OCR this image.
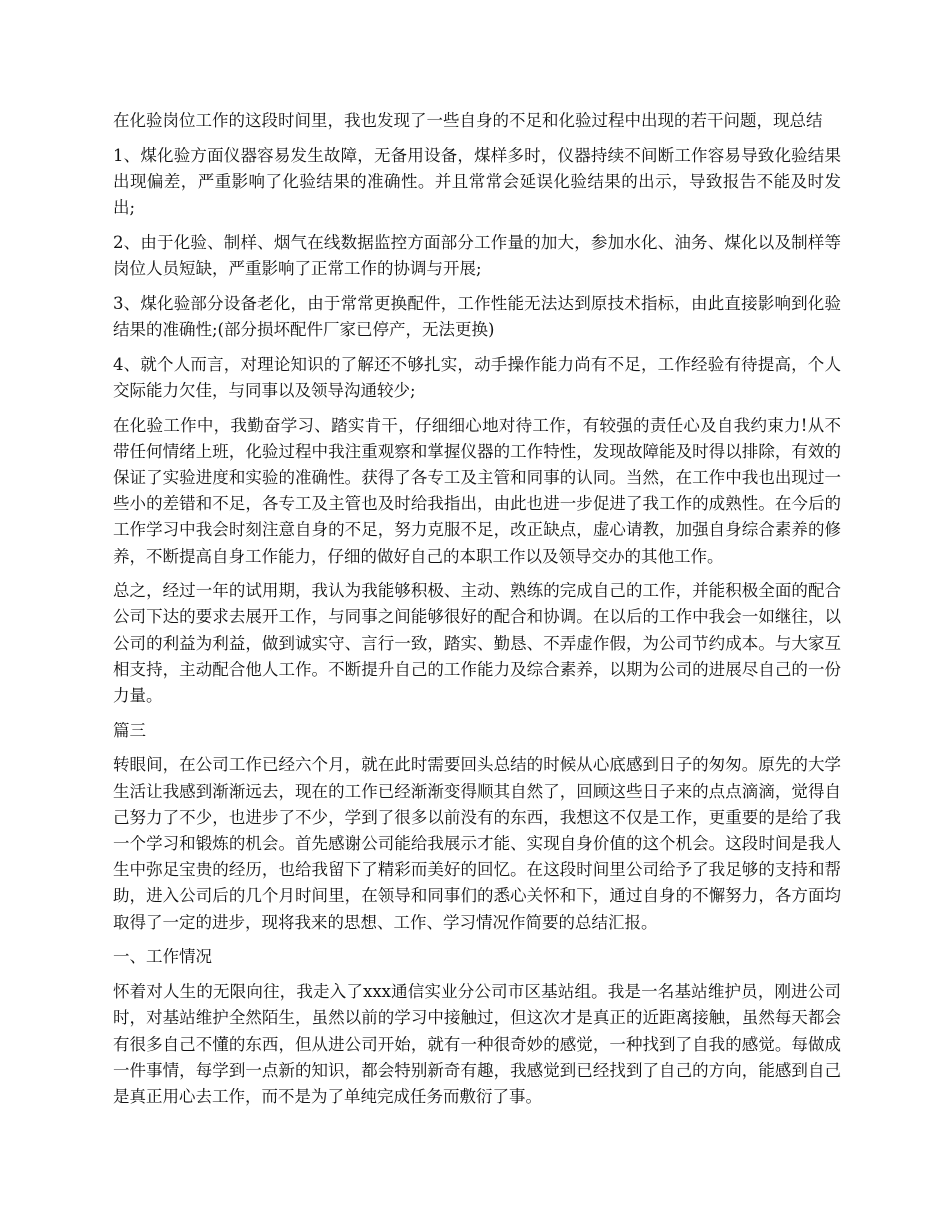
在化验岗位工作的这段时间里，我也发现了一些自身的不足和化验过程中出现的若干问题，现总结

1、煤化验方面仪器容易发生故障，无备用设备，煤样多时，仪器持续不间断工作容易导致化验结果出现偏差，严重影响了化验结果的准确性。并且常常会延误化验结果的出示，导致报告不能及时发出;

2、由于化验、制样、烟气在线数据监控方面部分工作量的加大，参加水化、油务、煤化以及制样等岗位人员短缺，严重影响了正常工作的协调与开展;

3、煤化验部分设备老化，由于常常更换配件，工作性能无法达到原技术指标，由此直接影响到化验结果的准确性;(部分损坏配件厂家已停产，无法更换)

4、就个人而言，对理论知识的了解还不够扎实，动手操作能力尚有不足，工作经验有待提高，个人交际能力欠佳，与同事以及领导沟通较少;

在化验工作中，我勤奋学习、踏实肯干，仔细细心地对待工作，有较强的责任心及自我约束力!从不带任何情绪上班，化验过程中我注重观察和掌握仪器的工作特性，发现故障能及时得以排除，有效的保证了实验进度和实验的准确性。获得了各专工及主管和同事的认同。当然，在工作中我也出现过一些小的差错和不足，各专工及主管也及时给我指出，由此也进一步促进了我工作的成熟性。在今后的工作学习中我会时刻注意自身的不足，努力克服不足，改正缺点，虚心请教，加强自身综合素养的修养，不断提高自身工作能力，仔细的做好自己的本职工作以及领导交办的其他工作。

总之，经过一年的试用期，我认为我能够积极、主动、熟练的完成自己的工作，并能积极全面的配合公司下达的要求去展开工作，与同事之间能够很好的配合和协调。在以后的工作中我会一如继往，以公司的利益为利益，做到诚实守、言行一致，踏实、勤恳、不弄虚作假，为公司节约成本。与大家互相支持，主动配合他人工作。不断提升自己的工作能力及综合素养，以期为公司的进展尽自己的一份力量。

篇三

转眼间，在公司工作已经六个月，就在此时需要回头总结的时候从心底感到日子的匆匆。原先的大学生活让我感到渐渐远去，现在的工作已经渐渐变得顺其自然了，回顾这些日子来的点点滴滴，觉得自己努力了不少，也进步了不少，学到了很多以前没有的东西，我想这不仅是工作，更重要的是给了我一个学习和锻炼的机会。首先感谢公司能给我展示才能、实现自身价值的这个机会。这段时间是我人生中弥足宝贵的经历，也给我留下了精彩而美好的回忆。在这段时间里公司给予了我足够的支持和帮助，进入公司后的几个月时间里，在领导和同事们的悉心关怀和下，通过自身的不懈努力，各方面均取得了一定的进步，现将我来的思想、工作、学习情况作简要的总结汇报。

一、工作情况

怀着对人生的无限向往，我走入了xxx通信实业分公司市区基站组。我是一名基站维护员，刚进公司时，对基站维护全然陌生，虽然以前的学习中接触过，但这次才是真正的近距离接触，虽然每天都会有很多自己不懂的东西，但从进公司开始，就有一种很奇妙的感觉，一种找到了自我的感觉。每做成一件事情，每学到一点新的知识，都会特别新奇有趣，我感觉到已经找到了自己的方向，能感到自己是真正用心去工作，而不是为了单纯完成任务而敷衍了事。
